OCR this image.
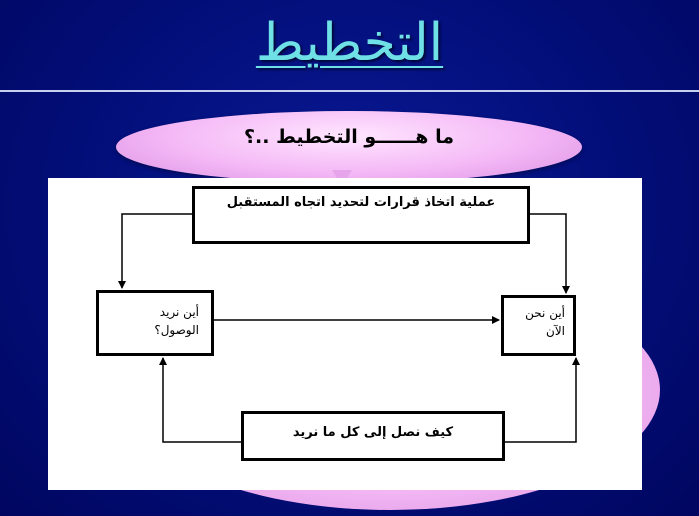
التخطيط
ما هــــــو التخطيط ..؟
عملية اتخاذ قرارات لتحديد اتجاه المستقبل
أين نريد
الوصول؟
أين نحن
الآن
كيف نصل إلى كل ما نريد
